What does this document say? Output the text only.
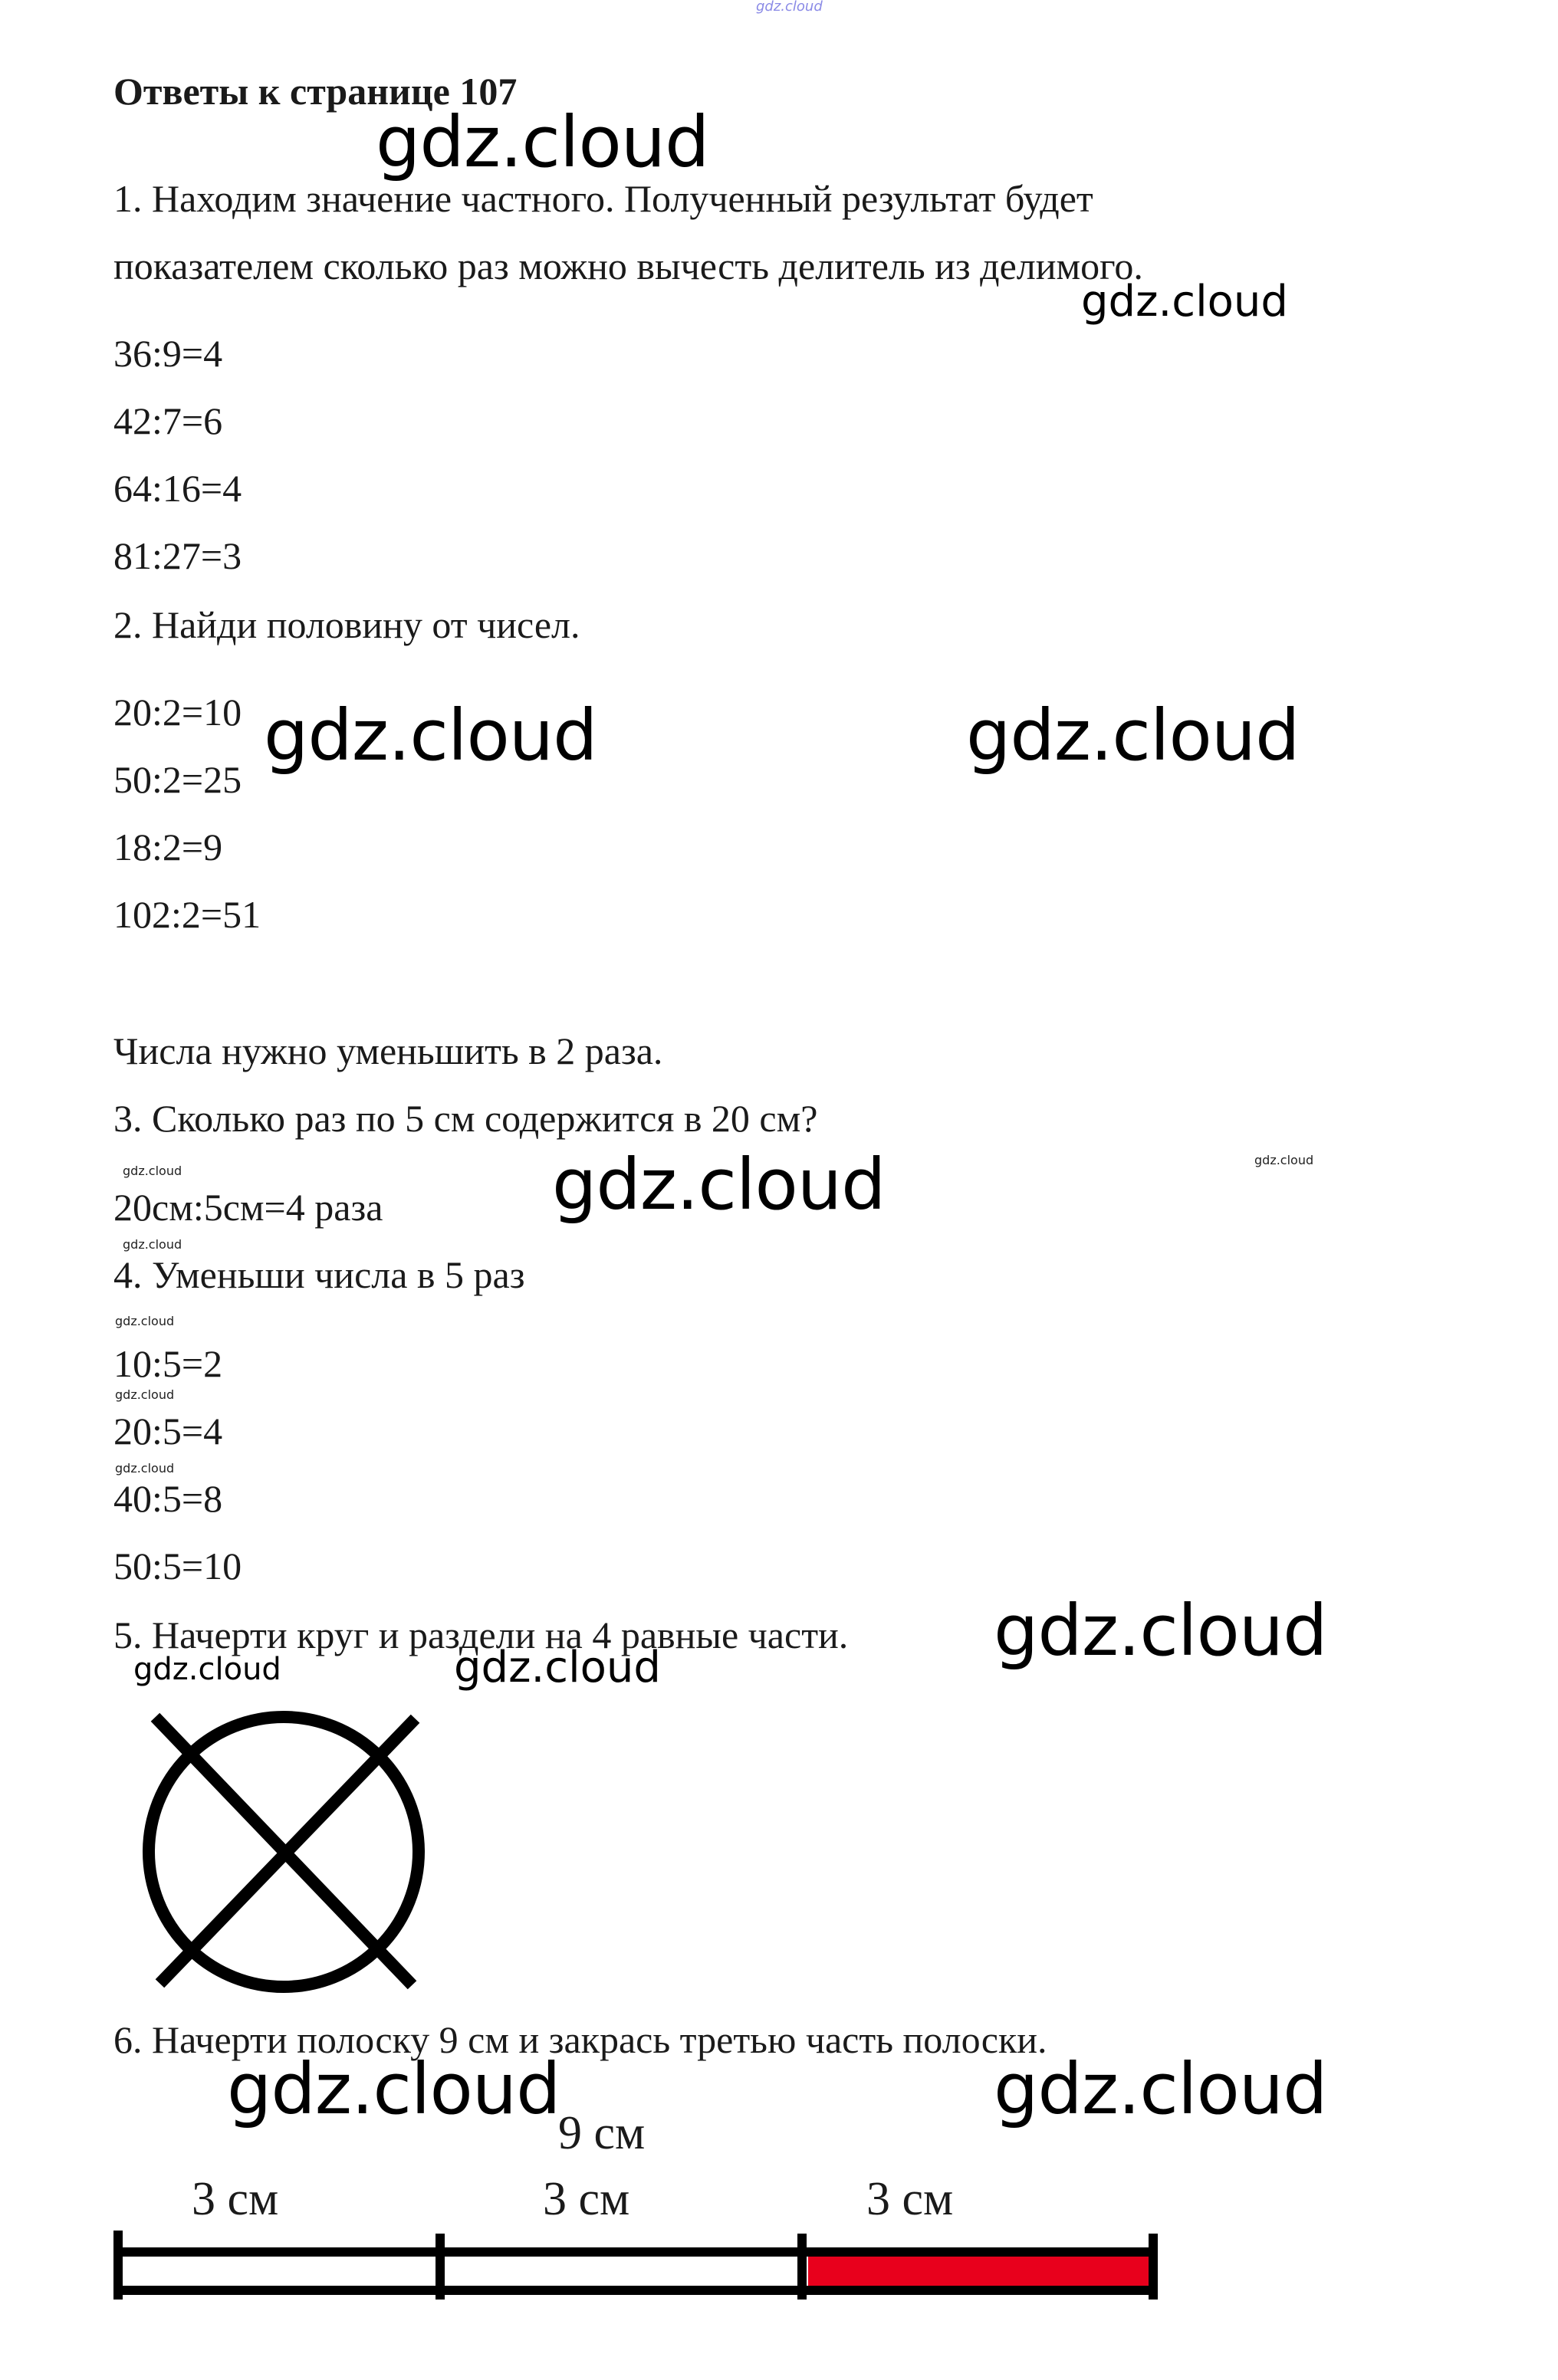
gdz.cloud
gdz.cloud
gdz.cloud
gdz.cloud	gdz.cloud
gdz.cloud	gdz.cloud
gdz.cloud
gdz.cloud
gdz.cloud
gdz.cloud
gdz.cloud
gdz.cloud
gdz.cloud	gdz.cloud
gdz.cloud	gdz.cloud
Ответы к странице 107
1. Находим значение частного. Полученный результат будет
показателем сколько раз можно вычесть делитель из делимого.
36:9=4
42:7=6
64:16=4
81:27=3
2. Найди половину от чисел.
20:2=10
50:2=25
18:2=9
102:2=51
Числа нужно уменьшить в 2 раза.
3. Сколько раз по 5 см содержится в 20 см?
20см:5см=4 раза
4. Уменьши числа в 5 раз
10:5=2
20:5=4
40:5=8
50:5=10
5. Начерти круг и раздели на 4 равные части.
6. Начерти полоску 9 см и закрась третью часть полоски.
9 см
3 см	3 см	3 см
